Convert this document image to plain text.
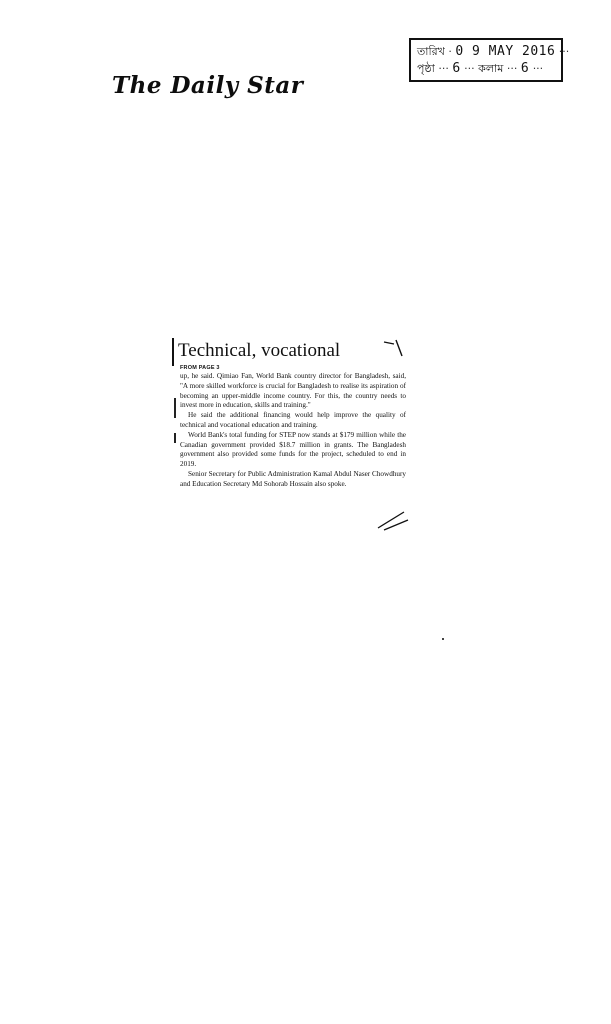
The Daily Star
তারিখ · 0 9 MAY 2016 ···
পৃষ্ঠা ··· 6 ··· কলাম ··· 6 ···
Technical, vocational
FROM PAGE 3

up, he said. Qimiao Fan, World Bank country director for Bangladesh, said, "A more skilled workforce is crucial for Bangladesh to realise its aspiration of becoming an upper-middle income country. For this, the country needs to invest more in education, skills and training."

He said the additional financing would help improve the quality of technical and vocational education and training.

World Bank's total funding for STEP now stands at $179 million while the Canadian government provided $18.7 million in grants. The Bangladesh government also provided some funds for the project, scheduled to end in 2019.

Senior Secretary for Public Administration Kamal Abdul Naser Chowdhury and Education Secretary Md Sohorab Hossain also spoke.
